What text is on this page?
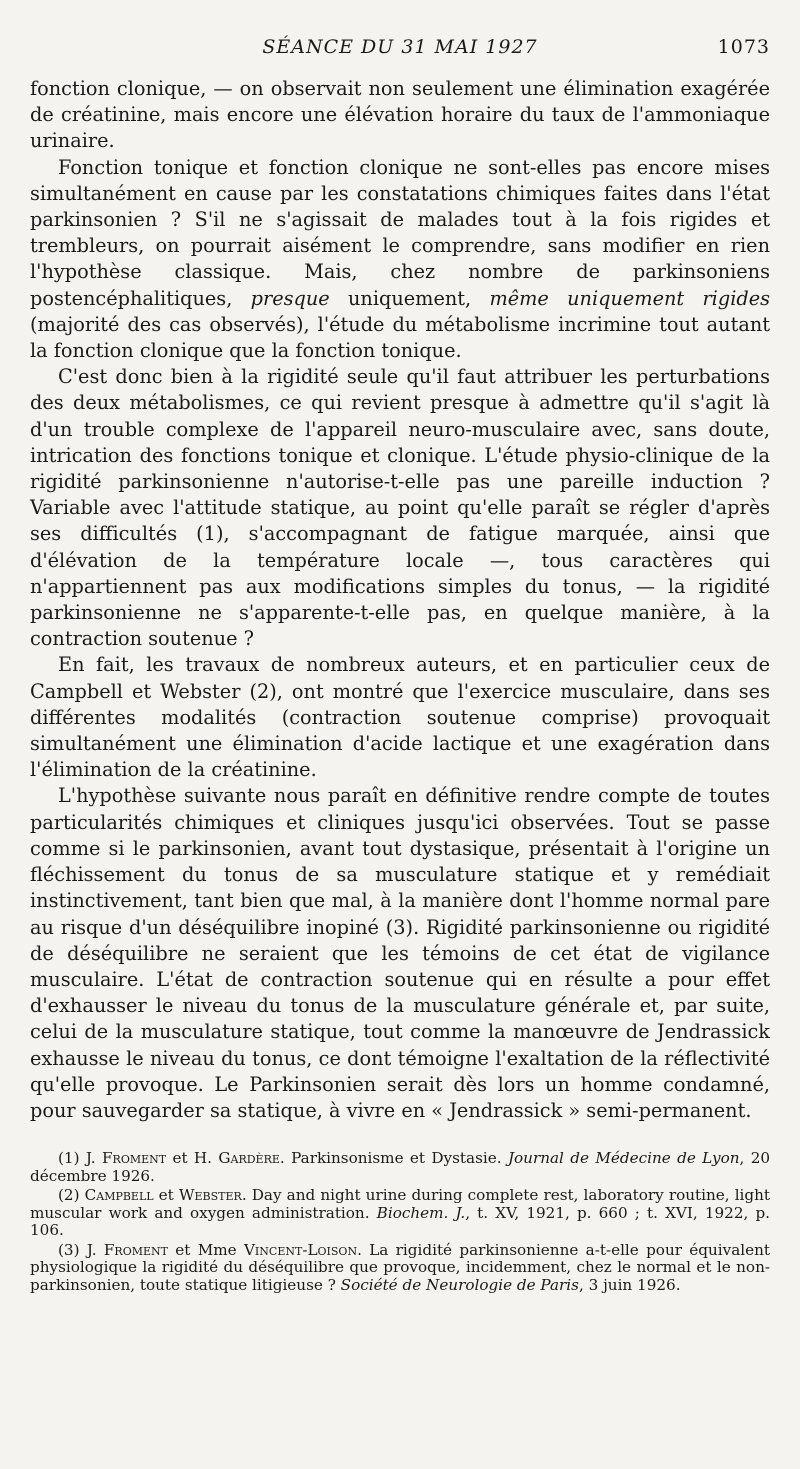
SÉANCE DU 31 MAI 1927	1073

fonction clonique, — on observait non seulement une élimination exagérée de créatinine, mais encore une élévation horaire du taux de l'ammoniaque urinaire.

Fonction tonique et fonction clonique ne sont-elles pas encore mises simultanément en cause par les constatations chimiques faites dans l'état parkinsonien ? S'il ne s'agissait de malades tout à la fois rigides et trembleurs, on pourrait aisément le comprendre, sans modifier en rien l'hypothèse classique. Mais, chez nombre de parkinsoniens postencéphalitiques, presque uniquement, même uniquement rigides (majorité des cas observés), l'étude du métabolisme incrimine tout autant la fonction clonique que la fonction tonique.

C'est donc bien à la rigidité seule qu'il faut attribuer les perturbations des deux métabolismes, ce qui revient presque à admettre qu'il s'agit là d'un trouble complexe de l'appareil neuro-musculaire avec, sans doute, intrication des fonctions tonique et clonique. L'étude physio-clinique de la rigidité parkinsonienne n'autorise-t-elle pas une pareille induction ? Variable avec l'attitude statique, au point qu'elle paraît se régler d'après ses difficultés (1), s'accompagnant de fatigue marquée, ainsi que d'élévation de la température locale —, tous caractères qui n'appartiennent pas aux modifications simples du tonus, — la rigidité parkinsonienne ne s'apparente-t-elle pas, en quelque manière, à la contraction soutenue ?

En fait, les travaux de nombreux auteurs, et en particulier ceux de Campbell et Webster (2), ont montré que l'exercice musculaire, dans ses différentes modalités (contraction soutenue comprise) provoquait simultanément une élimination d'acide lactique et une exagération dans l'élimination de la créatinine.

L'hypothèse suivante nous paraît en définitive rendre compte de toutes particularités chimiques et cliniques jusqu'ici observées. Tout se passe comme si le parkinsonien, avant tout dystasique, présentait à l'origine un fléchissement du tonus de sa musculature statique et y remédiait instinctivement, tant bien que mal, à la manière dont l'homme normal pare au risque d'un déséquilibre inopiné (3). Rigidité parkinsonienne ou rigidité de déséquilibre ne seraient que les témoins de cet état de vigilance musculaire. L'état de contraction soutenue qui en résulte a pour effet d'exhausser le niveau du tonus de la musculature générale et, par suite, celui de la musculature statique, tout comme la manœuvre de Jendrassick exhausse le niveau du tonus, ce dont témoigne l'exaltation de la réflectivité qu'elle provoque. Le Parkinsonien serait dès lors un homme condamné, pour sauvegarder sa statique, à vivre en « Jendrassick » semi-permanent.

(1) J. Froment et H. Gardère. Parkinsonisme et Dystasie. Journal de Médecine de Lyon, 20 décembre 1926.

(2) Campbell et Webster. Day and night urine during complete rest, laboratory routine, light muscular work and oxygen administration. Biochem. J., t. XV, 1921, p. 660 ; t. XVI, 1922, p. 106.

(3) J. Froment et Mme Vincent-Loison. La rigidité parkinsonienne a-t-elle pour équivalent physiologique la rigidité du déséquilibre que provoque, incidemment, chez le normal et le non-parkinsonien, toute statique litigieuse ? Société de Neurologie de Paris, 3 juin 1926.
